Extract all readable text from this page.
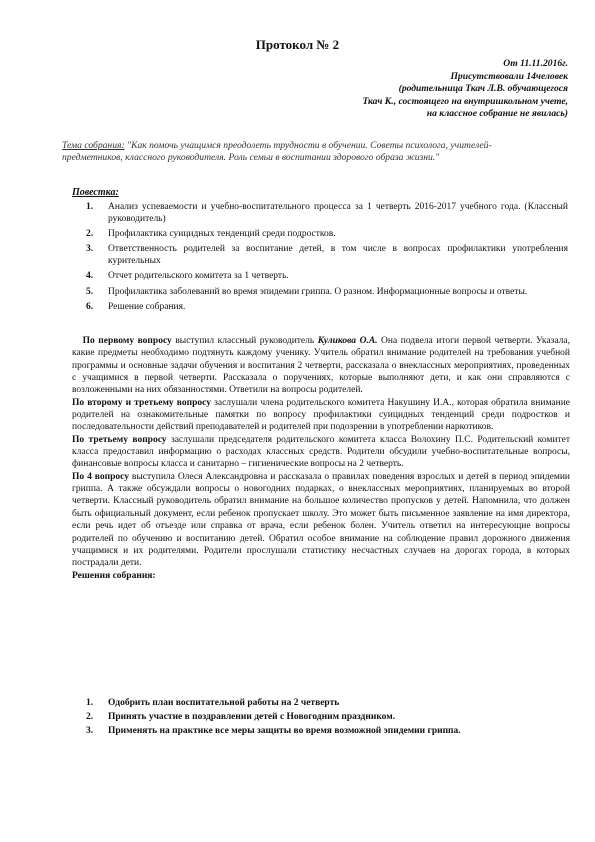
Протокол № 2
От 11.11.2016г.
Присутствовали 14человек
(родительница Ткач Л.В. обучающегося
Ткач К., состоящего на внутришкольном учете,
на классное собрание не явилась)
Тема собрания: "Как помочь учащимся преодолеть трудности в обучении. Советы психолога, учителей-предметников, классного руководителя. Роль семьи в воспитании здорового образа жизни."
Повестка:
1. Анализ успеваемости и учебно-воспитательного процесса за 1 четверть 2016-2017 учебного года. (Классный руководитель)
2. Профилактика суицидных тенденций среди подростков.
3. Ответственность родителей за воспитание детей, в том числе в вопросах профилактики употребления курительных
4. Отчет родительского комитета за 1 четверть.
5. Профилактика заболеваний во время эпидемии гриппа. О разном. Информационные вопросы и ответы.
6. Решение собрания.

По первому вопросу выступил классный руководитель Куликова О.А. Она подвела итоги первой четверти. Указала, какие предметы необходимо подтянуть каждому ученику. Учитель обратил внимание родителей на требования учебной программы и основные задачи обучения и воспитания 2 четверти, рассказала о внеклассных мероприятиях, проведенных с учащимися в первой четверти. Рассказала о поручениях, которые выполняют дети, и как они справляются с возложенными на них обязанностями. Ответили на вопросы родителей.

По второму и третьему вопросу заслушали члена родительского комитета Накушину И.А., которая обратила внимание родителей на ознакомительные памятки по вопросу профилактики суицидных тенденций среди подростков и последовательности действий преподавателей и родителей при подозрении в употреблении наркотиков.

По третьему вопросу заслушали председателя родительского комитета класса Волохину П.С. Родительский комитет класса предоставил информацию о расходах классных средств. Родители обсудили учебно-воспитательные вопросы, финансовые вопросы класса и санитарно – гигиенические вопросы на 2 четверть.

По 4 вопросу выступила Олеся Александровна и рассказала о правилах поведения взрослых и детей в период эпидемии гриппа. А также обсуждали вопросы о новогодних подарках, о внеклассных мероприятиях, планируемых во второй четверти. Классный руководитель обратил внимание на большое количество пропусков у детей. Напомнила, что должен быть официальный документ, если ребенок пропускает школу. Это может быть письменное заявление на имя директора, если речь идет об отъезде или справка от врача, если ребенок болен. Учитель ответил на интересующие вопросы родителей по обучению и воспитанию детей. Обратил особое внимание на соблюдение правил дорожного движения учащимися и их родителями. Родители прослушали статистику несчастных случаев на дорогах города, в которых пострадали дети.

Решения собрания:

1. Одобрить план воспитательной работы на 2 четверть
2. Принять участие в поздравлении детей с Новогодним праздником.
3. Применять на практике все меры защиты во время возможной эпидемии гриппа.
